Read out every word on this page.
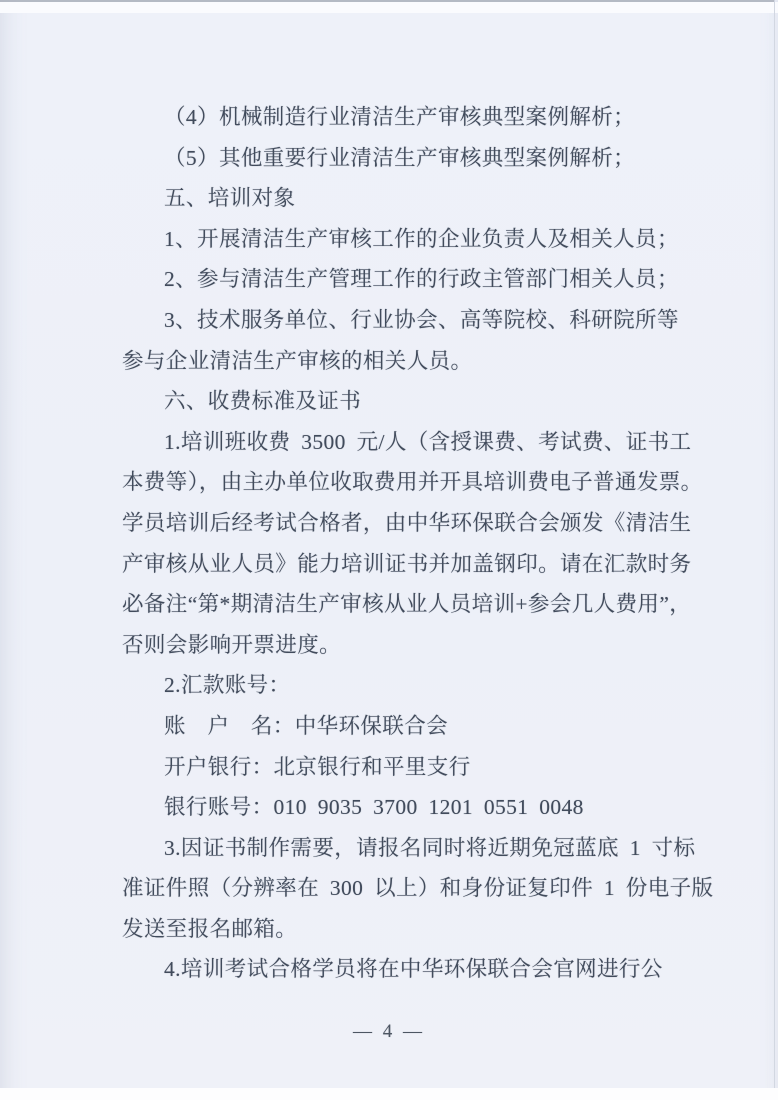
（4）机械制造行业清洁生产审核典型案例解析；
（5）其他重要行业清洁生产审核典型案例解析；
五、培训对象
1、开展清洁生产审核工作的企业负责人及相关人员；
2、参与清洁生产管理工作的行政主管部门相关人员；
3、技术服务单位、行业协会、高等院校、科研院所等
参与企业清洁生产审核的相关人员。
六、收费标准及证书
1.培训班收费 3500 元/人（含授课费、考试费、证书工
本费等），由主办单位收取费用并开具培训费电子普通发票。
学员培训后经考试合格者，由中华环保联合会颁发《清洁生
产审核从业人员》能力培训证书并加盖钢印。请在汇款时务
必备注“第*期清洁生产审核从业人员培训+参会几人费用”，
否则会影响开票进度。
2.汇款账号：
账  户  名：中华环保联合会
开户银行：北京银行和平里支行
银行账号：010 9035 3700 1201 0551 0048
3.因证书制作需要，请报名同时将近期免冠蓝底 1 寸标
准证件照（分辨率在 300 以上）和身份证复印件 1 份电子版
发送至报名邮箱。
4.培训考试合格学员将在中华环保联合会官网进行公
— 4 —
